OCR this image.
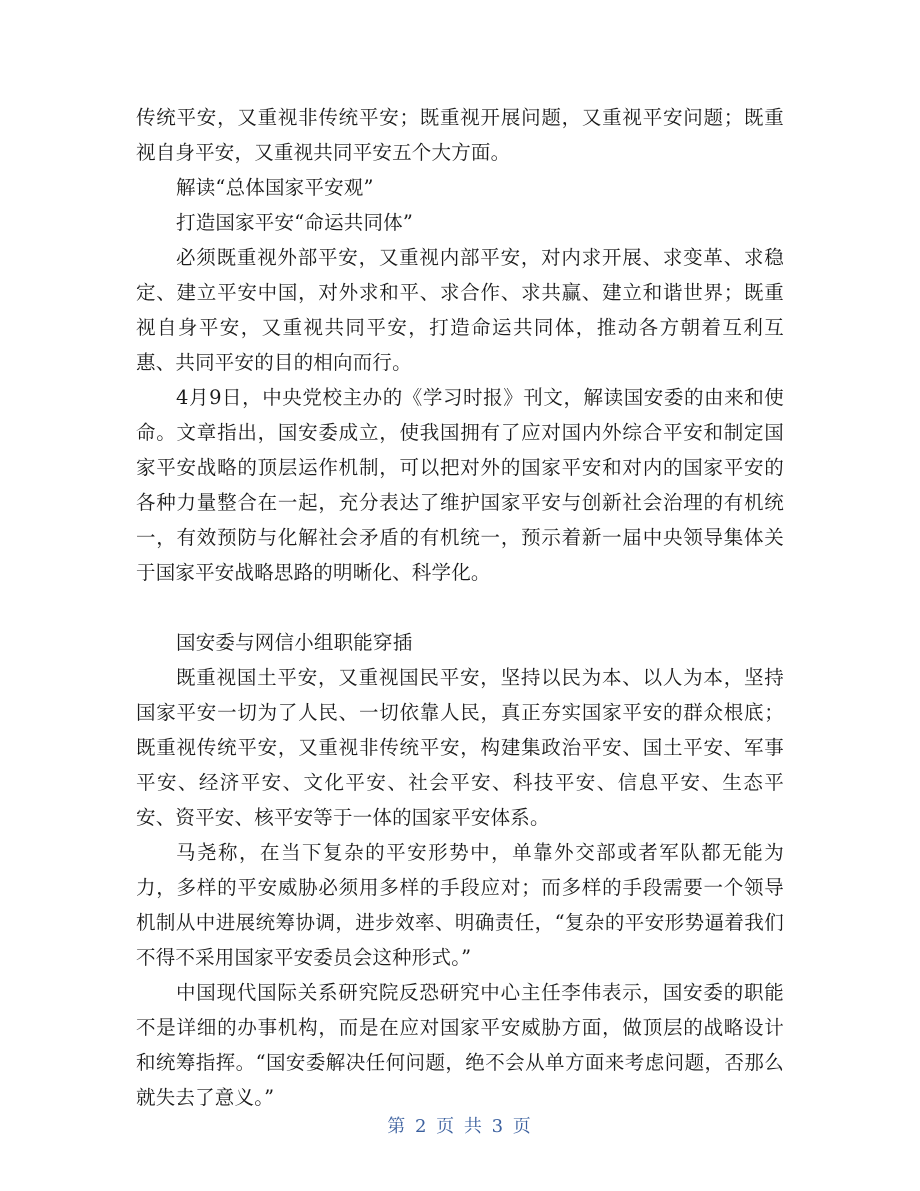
传统平安，又重视非传统平安；既重视开展问题，又重视平安问题；既重视自身平安，又重视共同平安五个大方面。

解读“总体国家平安观”

打造国家平安“命运共同体”

必须既重视外部平安，又重视内部平安，对内求开展、求变革、求稳定、建立平安中国，对外求和平、求合作、求共赢、建立和谐世界；既重视自身平安，又重视共同平安，打造命运共同体，推动各方朝着互利互惠、共同平安的目的相向而行。

4月9日，中央党校主办的《学习时报》刊文，解读国安委的由来和使命。文章指出，国安委成立，使我国拥有了应对国内外综合平安和制定国家平安战略的顶层运作机制，可以把对外的国家平安和对内的国家平安的各种力量整合在一起，充分表达了维护国家平安与创新社会治理的有机统一，有效预防与化解社会矛盾的有机统一，预示着新一届中央领导集体关于国家平安战略思路的明晰化、科学化。

国安委与网信小组职能穿插

既重视国土平安，又重视国民平安，坚持以民为本、以人为本，坚持国家平安一切为了人民、一切依靠人民，真正夯实国家平安的群众根底；既重视传统平安，又重视非传统平安，构建集政治平安、国土平安、军事平安、经济平安、文化平安、社会平安、科技平安、信息平安、生态平安、资平安、核平安等于一体的国家平安体系。

马尧称，在当下复杂的平安形势中，单靠外交部或者军队都无能为力，多样的平安威胁必须用多样的手段应对；而多样的手段需要一个领导机制从中进展统筹协调，进步效率、明确责任，“复杂的平安形势逼着我们不得不采用国家平安委员会这种形式。”

中国现代国际关系研究院反恐研究中心主任李伟表示，国安委的职能不是详细的办事机构，而是在应对国家平安威胁方面，做顶层的战略设计和统筹指挥。“国安委解决任何问题，绝不会从单方面来考虑问题，否那么就失去了意义。”

第 2 页 共 3 页
